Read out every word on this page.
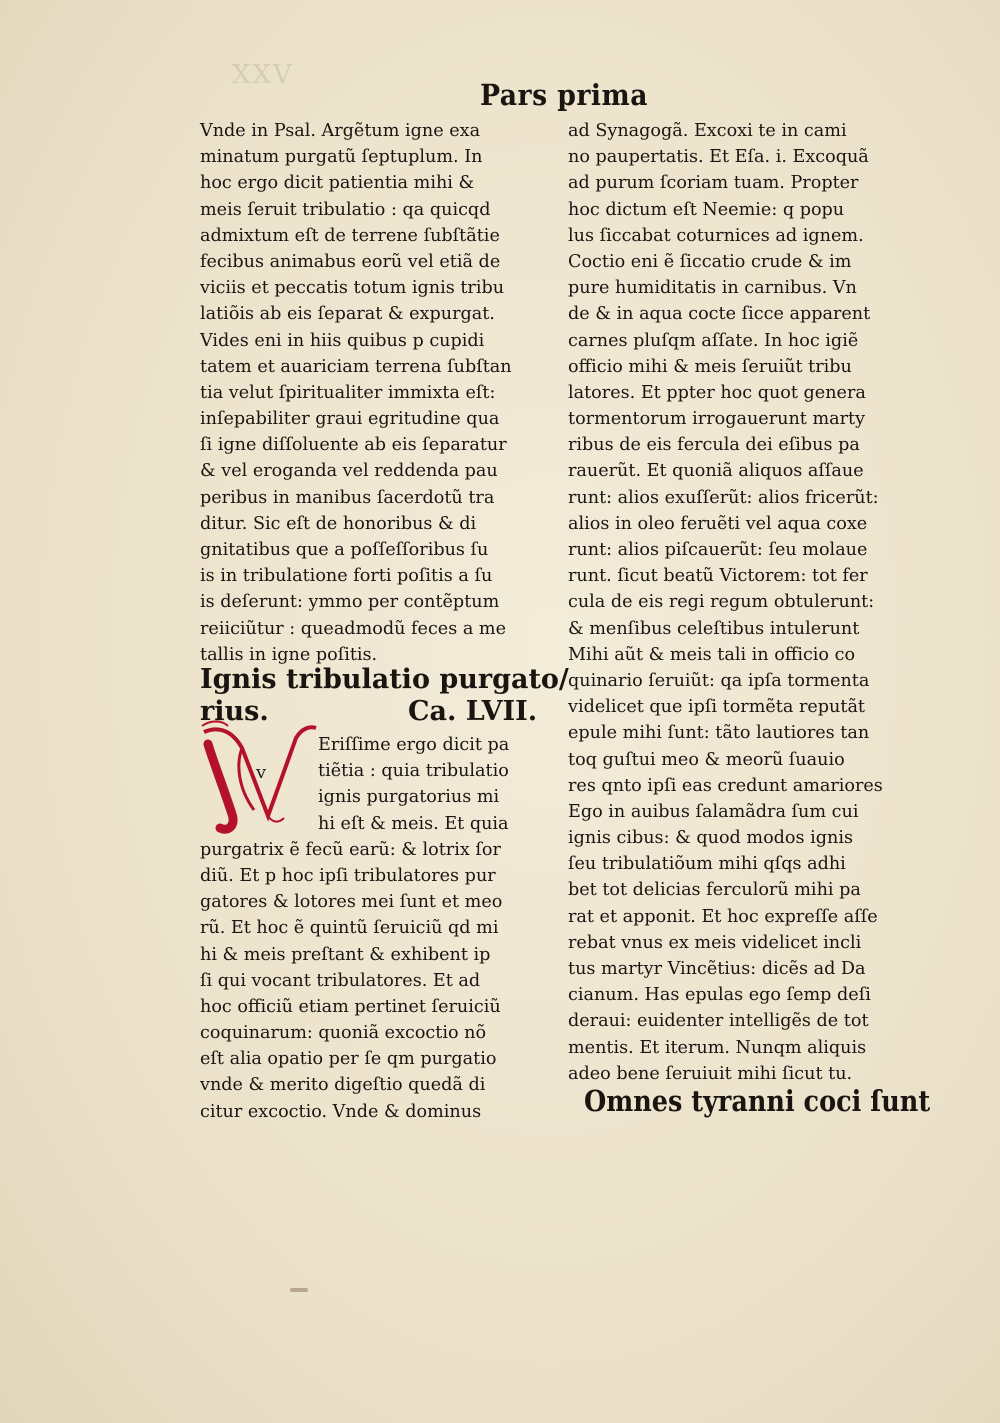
XXV
Pars prima
Vnde in Psal. Argẽtum igne exa
minatum purgatũ ſeptuplum. In
hoc ergo dicit patientia mihi &
meis ſeruit tribulatio : qa quicqd
admixtum eſt de terrene ſubſtãtie
fecibus animabus eorũ vel etiã de
viciis et peccatis totum ignis tribu
latiõis ab eis ſeparat & expurgat.
Vides eni in hiis quibus p cupidi
tatem et auariciam terrena ſubſtan
tia velut ſpiritualiter immixta eſt:
inſepabiliter graui egritudine qua
ſi igne diſſoluente ab eis ſeparatur
& vel eroganda vel reddenda pau
peribus in manibus ſacerdotũ tra
ditur. Sic eſt de honoribus & di
gnitatibus que a poſſeſſoribus ſu
is in tribulatione forti poſitis a ſu
is deſerunt: ymmo per contẽptum
reiiciũtur : queadmodũ feces a me
tallis in igne poſitis.
Ignis tribulatio purgato/
rius.	Ca. LVII.
v
Eriſſime ergo dicit pa
tiẽtia : quia tribulatio
ignis purgatorius mi
hi eſt & meis. Et quia
purgatrix ẽ fecũ earũ: & lotrix ſor
diũ. Et p hoc ipſi tribulatores pur
gatores & lotores mei ſunt et meo
rũ. Et hoc ẽ quintũ ſeruiciũ qd mi
hi & meis preſtant & exhibent ip
ſi qui vocant tribulatores. Et ad
hoc officiũ etiam pertinet ſeruiciũ
coquinarum: quoniã excoctio nõ
eſt alia opatio per ſe qm purgatio
vnde & merito digeſtio quedã di
citur excoctio. Vnde & dominus
ad Synagogã. Excoxi te in cami
no paupertatis. Et Eſa. i. Excoquã
ad purum ſcoriam tuam. Propter
hoc dictum eſt Neemie: q popu
lus ſiccabat coturnices ad ignem.
Coctio eni ẽ ſiccatio crude & im
pure humiditatis in carnibus. Vn
de & in aqua cocte ſicce apparent
carnes pluſqm aſſate. In hoc igiẽ
officio mihi & meis ſeruiũt tribu
latores. Et ppter hoc quot genera
tormentorum irrogauerunt marty
ribus de eis fercula dei eſibus pa
rauerũt. Et quoniã aliquos aſſaue
runt: alios exuſſerũt: alios fricerũt:
alios in oleo feruẽti vel aqua coxe
runt: alios piſcauerũt: ſeu molaue
runt. ſicut beatũ Victorem: tot fer
cula de eis regi regum obtulerunt:
& menſibus celeſtibus intulerunt
Mihi aũt & meis tali in officio co
quinario ſeruiũt: qa ipſa tormenta
videlicet que ipſi tormẽta reputãt
epule mihi ſunt: tãto lautiores tan
toq guſtui meo & meorũ ſuauio
res qnto ipſi eas credunt amariores
Ego in auibus ſalamãdra ſum cui
ignis cibus: & quod modos ignis
ſeu tribulatiõum mihi qſqs adhi
bet tot delicias ferculorũ mihi pa
rat et apponit. Et hoc expreſſe aſſe
rebat vnus ex meis videlicet incli
tus martyr Vincẽtius: dicẽs ad Da
cianum. Has epulas ego ſemp deſi
deraui: euidenter intelligẽs de tot
mentis. Et iterum. Nunqm aliquis
adeo bene ſeruiuit mihi ſicut tu.
Omnes tyranni coci ſunt
